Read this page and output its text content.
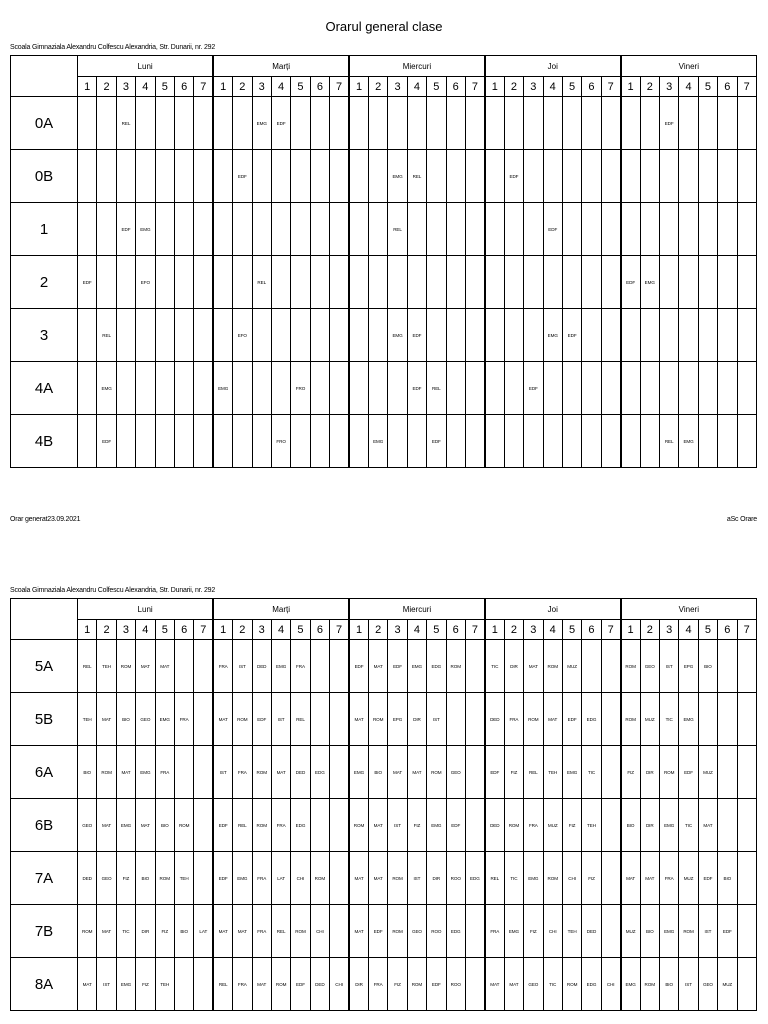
Orarul general clase
Scoala Gimnaziala Alexandru Colfescu Alexandria, Str. Dunarii, nr. 292
	Luni							Marți							Miercuri							Joi							Vineri						
	1	2	3	4	5	6	7	1	2	3	4	5	6	7	1	2	3	4	5	6	7	1	2	3	4	5	6	7	1	2	3	4	5	6	7
0A			REL							EMG	EDF																				EDF				
0B									EDF								EMG	REL					EDF												
1			EDF	EMG													REL								EDF										
2	EDF			EFO						REL																			EDF	EMG					
3		REL							EFO								EMG	EDF							EMG	EDF									
4A		EMG						EMG				FRO						EDF	REL					EDF											
4B		EDF									FRO					EMG			EDF												REL	EMG			
Orar generat23.09.2021	aSc Orare
Scoala Gimnaziala Alexandru Colfescu Alexandria, Str. Dunarii, nr. 292
	Luni							Marți							Miercuri							Joi							Vineri						
	1	2	3	4	5	6	7	1	2	3	4	5	6	7	1	2	3	4	5	6	7	1	2	3	4	5	6	7	1	2	3	4	5	6	7
5A	REL	TEH	ROM	MAT	MAT			FRA	IST	DED	EMG	FRA			EDF	MAT	EDF	EMG	EDG	ROM		TIC	DIR	MAT	ROM	MUZ			ROM	GEO	IST	EPG	BIO		
5B	TEH	MAT	BIO	GEO	EMG	FRA		MAT	ROM	EDF	IST	REL			MAT	ROM	EPG	DIR	IST			DED	FRA	ROM	MAT	EDF	EDG		ROM	MUZ	TIC	EMG			
6A	BIO	ROM	MAT	EMG	FRA			IST	FRA	ROM	MAT	DED	EDG		EMG	BIO	MAT	MAT	ROM	GEO		EDF	FIZ	REL	TEH	EMG	TIC		FIZ	DIR	ROM	EDF	MUZ		
6B	GEO	MAT	EMG	MAT	BIO	ROM		EDF	REL	ROM	FRA	EDG			ROM	MAT	IST	FIZ	EMG	EDF		DED	ROM	FRA	MUZ	FIZ	TEH		BIO	DIR	EMG	TIC	MAT		
7A	DED	GEO	FIZ	BIO	ROM	TEH		EDF	EMG	FRA	LAT	CHI	ROM		MAT	MAT	ROM	IST	DIR	ROO	EDG	REL	TIC	EMG	ROM	CHI	FIZ		MAT	MAT	FRA	MUZ	EDF	BIO	
7B	ROM	MAT	TIC	DIR	FIZ	BIO	LAT	MAT	MAT	FRA	REL	ROM	CHI		MAT	EDF	ROM	GEO	ROO	EDG		FRA	EMG	FIZ	CHI	TEH	DED		MUZ	BIO	EMG	ROM	IST	EDF	
8A	MAT	IST	EMG	FIZ	TEH			REL	FRA	MAT	ROM	EDF	DED	CHI	DIR	FRA	FIZ	ROM	EDF	ROO		MAT	MAT	GEO	TIC	ROM	EDG	CHI	EMG	ROM	BIO	IST	GEO	MUZ	
